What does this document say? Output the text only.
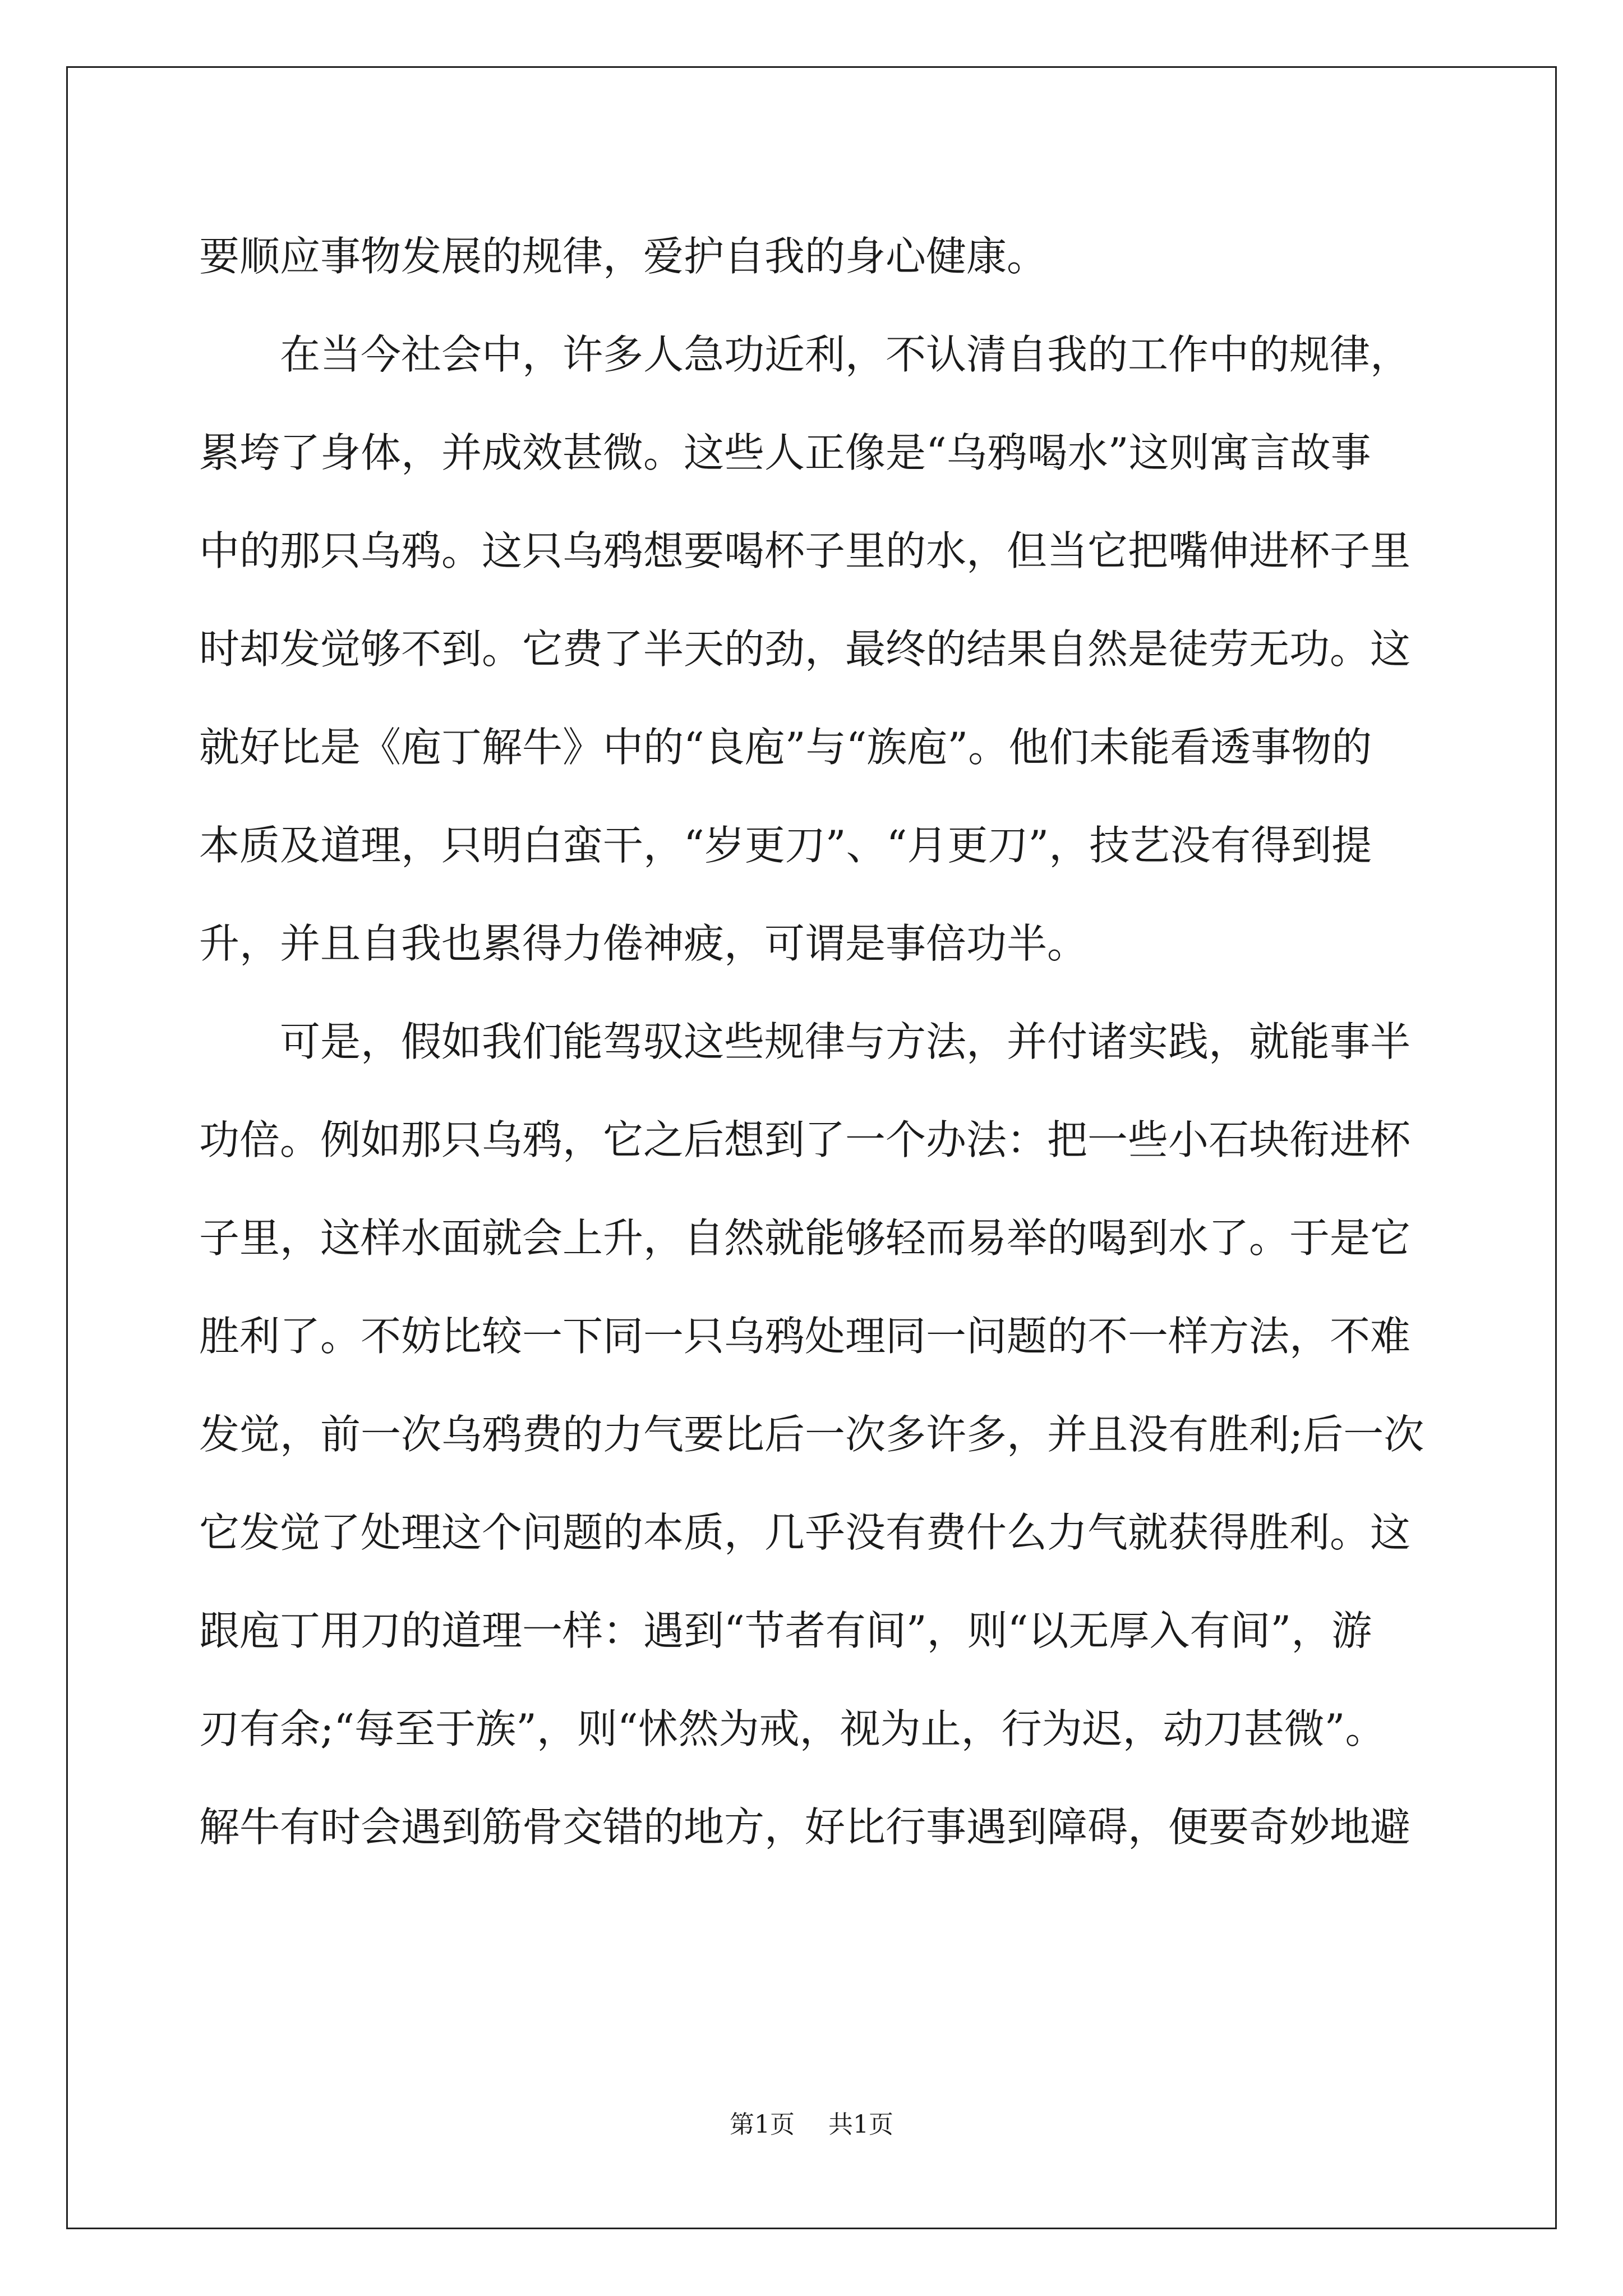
要顺应事物发展的规律，爱护自我的身心健康。
　　在当今社会中，许多人急功近利，不认清自我的工作中的规律，
累垮了身体，并成效甚微。这些人正像是“乌鸦喝水”这则寓言故事
中的那只乌鸦。这只乌鸦想要喝杯子里的水，但当它把嘴伸进杯子里
时却发觉够不到。它费了半天的劲，最终的结果自然是徒劳无功。这
就好比是《庖丁解牛》中的“良庖”与“族庖”。他们未能看透事物的
本质及道理，只明白蛮干，“岁更刀”、“月更刀”，技艺没有得到提
升，并且自我也累得力倦神疲，可谓是事倍功半。
　　可是，假如我们能驾驭这些规律与方法，并付诸实践，就能事半
功倍。例如那只乌鸦，它之后想到了一个办法：把一些小石块衔进杯
子里，这样水面就会上升，自然就能够轻而易举的喝到水了。于是它
胜利了。不妨比较一下同一只乌鸦处理同一问题的不一样方法，不难
发觉，前一次乌鸦费的力气要比后一次多许多，并且没有胜利;后一次
它发觉了处理这个问题的本质，几乎没有费什么力气就获得胜利。这
跟庖丁用刀的道理一样：遇到“节者有间”，则“以无厚入有间”，游
刃有余;“每至于族”，则“怵然为戒，视为止，行为迟，动刀甚微”。
解牛有时会遇到筋骨交错的地方，好比行事遇到障碍，便要奇妙地避
第1页 共1页
